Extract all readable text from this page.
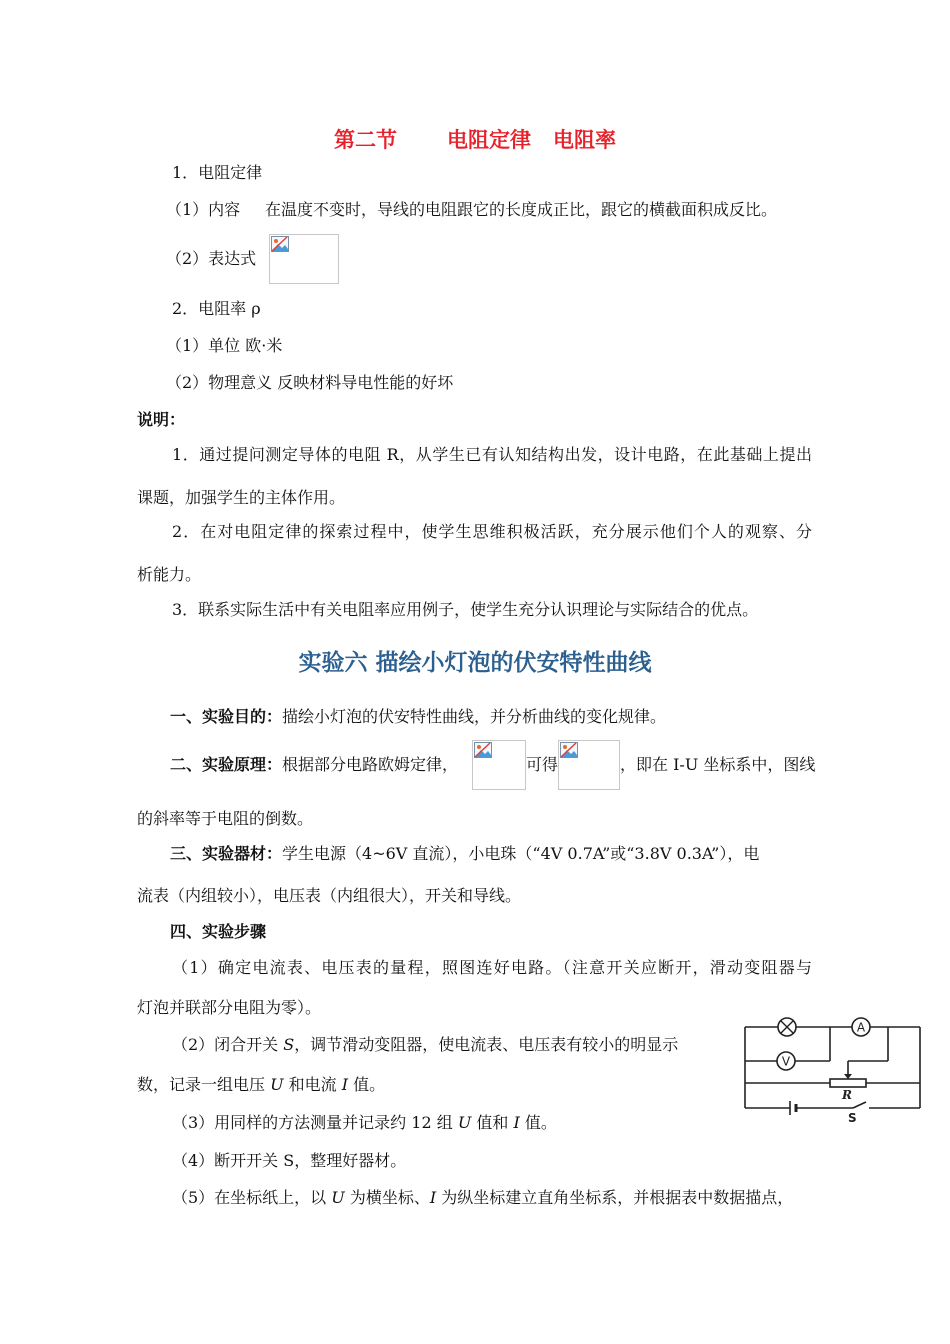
第二节 电阻定律 电阻率
1．电阻定律
（1）内容 在温度不变时，导线的电阻跟它的长度成正比，跟它的横截面积成反比。
（2）表达式
2．电阻率 ρ
（1）单位 欧·米
（2）物理意义 反映材料导电性能的好坏
说明：
1．通过提问测定导体的电阻 R，从学生已有认知结构出发，设计电路，在此基础上提出
课题，加强学生的主体作用。
2．在对电阻定律的探索过程中，使学生思维积极活跃，充分展示他们个人的观察、分
析能力。
3．联系实际生活中有关电阻率应用例子，使学生充分认识理论与实际结合的优点。
实验六 描绘小灯泡的伏安特性曲线
一、实验目的：描绘小灯泡的伏安特性曲线，并分析曲线的变化规律。
二、实验原理：根据部分电路欧姆定律，	可得	，即在 I-U 坐标系中，图线
的斜率等于电阻的倒数。
三、实验器材：学生电源（4~6V 直流），小电珠（“4V 0.7A”或“3.8V 0.3A”），电
流表（内组较小），电压表（内组很大），开关和导线。
四、实验步骤
（1）确定电流表、电压表的量程，照图连好电路。（注意开关应断开，滑动变阻器与
灯泡并联部分电阻为零）。
（2）闭合开关 S，调节滑动变阻器，使电流表、电压表有较小的明显示
数，记录一组电压 U 和电流 I 值。
（3）用同样的方法测量并记录约 12 组 U 值和 I 值。
（4）断开开关 S，整理好器材。
（5）在坐标纸上，以 U 为横坐标、I 为纵坐标建立直角坐标系，并根据表中数据描点，
A
V
R
S
